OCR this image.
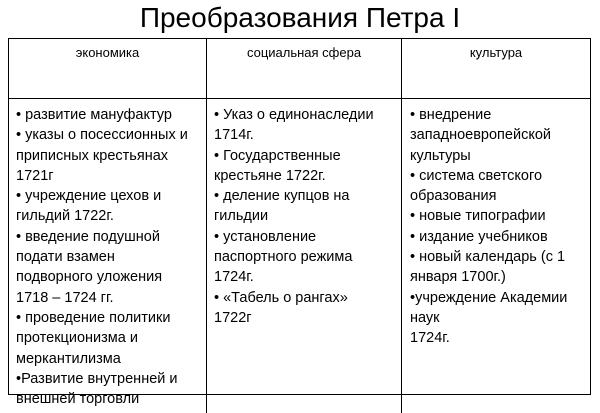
Преобразования Петра I
экономика	социальная сфера	культура
• развитие мануфактур
• указы о посессионных и
приписных крестьянах
1721г
• учреждение цехов и
гильдий 1722г.
• введение подушной
подати взамен
подворного уложения
1718 – 1724 гг.
• проведение политики
протекционизма и
меркантилизма
•Развитие внутренней и
внешней торговли
• Указ о единонаследии
1714г.
• Государственные
крестьяне 1722г.
• деление купцов на
гильдии
• установление
паспортного режима
1724г.
• «Табель о рангах»
1722г
• внедрение
западноевропейской
культуры
• система светского
образования
• новые типографии
• издание учебников
• новый календарь (с 1
января 1700г.)
•учреждение Академии
наук
1724г.
